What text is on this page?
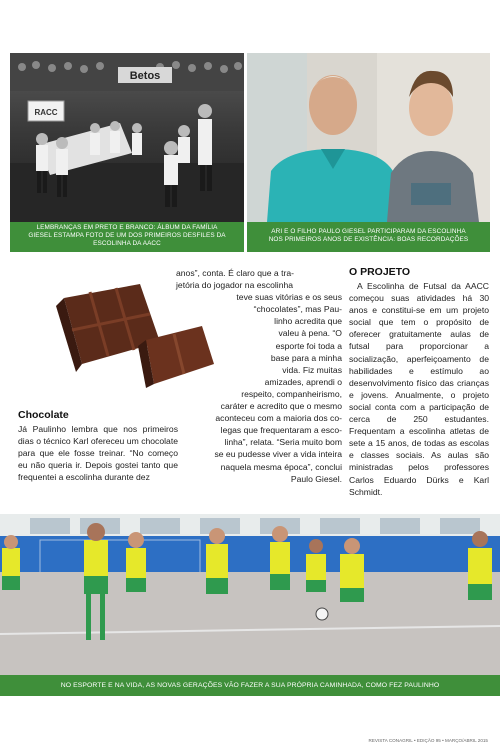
Betos
RACC
LEMBRANÇAS EM PRETO E BRANCO: ÁLBUM DA FAMÍLIA
GIESEL ESTAMPA FOTO DE UM DOS PRIMEIROS DESFILES DA
ESCOLINHA DA AACC
ARI E O FILHO PAULO GIESEL PARTICIPARAM DA ESCOLINHA
NOS PRIMEIROS ANOS DE EXISTÊNCIA: BOAS RECORDAÇÕES
Chocolate

Já Paulinho lembra que nos primeiros dias o técnico Karl ofereceu um chocolate para que ele fosse treinar. “No começo eu não queria ir. Depois gostei tanto que frequentei a escolinha durante dez

anos”, conta. É claro que a tra-
jetória do jogador na escolinha
teve suas vitórias e os seus
“chocolates”, mas Pau-
linho acredita que
valeu à pena. “O
esporte foi toda a
base para a minha
vida. Fiz muitas
amizades, aprendi o
respeito, companheirismo,
caráter e acredito que o mesmo
aconteceu com a maioria dos co-
legas que frequentaram a esco-
linha”, relata. “Seria muito bom
se eu pudesse viver a vida inteira
naquela mesma época”, conclui
Paulo Giesel.
O PROJETO

A Escolinha de Futsal da AACC começou suas atividades há 30 anos e constitui-se em um projeto social que tem o propósito de oferecer gratuitamente aulas de futsal para proporcionar a socialização, aperfeiçoamento de habilidades e estímulo ao desenvolvimento físico das crianças e jovens. Anualmente, o projeto social conta com a participação de cerca de 250 estudantes. Frequentam a escolinha atletas de sete a 15 anos, de todas as escolas e classes sociais. As aulas são ministradas pelos professores Carlos Eduardo Dürks e Karl Schmidt.

NO ESPORTE E NA VIDA, AS NOVAS GERAÇÕES VÃO FAZER A SUA PRÓPRIA CAMINHADA, COMO FEZ PAULINHO
REVISTA CONAGRIL • EDIÇÃO 95 • MARÇO/ABRIL 2015
